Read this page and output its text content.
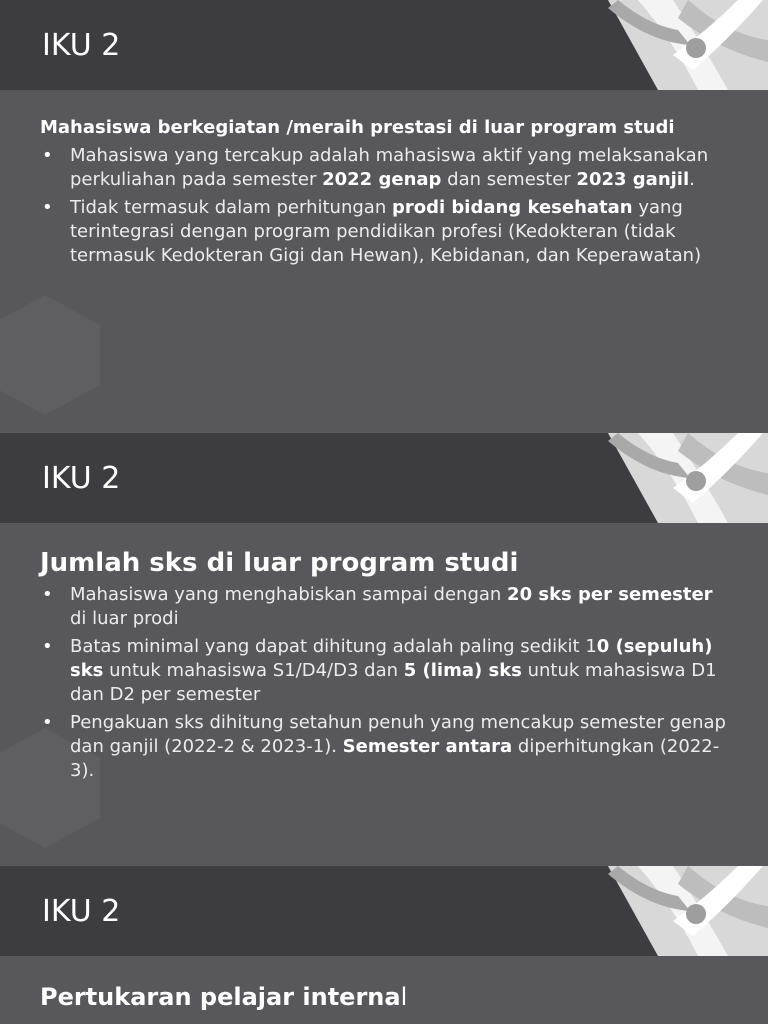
IKU 2

Mahasiswa berkegiatan /meraih prestasi di luar program studi

• Mahasiswa yang tercakup adalah mahasiswa aktif yang melaksanakan perkuliahan pada semester 2022 genap dan semester 2023 ganjil.
• Tidak termasuk dalam perhitungan prodi bidang kesehatan yang terintegrasi dengan program pendidikan profesi (Kedokteran (tidak termasuk Kedokteran Gigi dan Hewan), Kebidanan, dan Keperawatan)
IKU 2

Jumlah sks di luar program studi

• Mahasiswa yang menghabiskan sampai dengan 20 sks per semester di luar prodi
• Batas minimal yang dapat dihitung adalah paling sedikit 10 (sepuluh) sks untuk mahasiswa S1/D4/D3 dan 5 (lima) sks untuk mahasiswa D1 dan D2 per semester
• Pengakuan sks dihitung setahun penuh yang mencakup semester genap dan ganjil (2022-2 & 2023-1). Semester antara diperhitungkan (2022-3).
IKU 2

Pertukaran pelajar internal
